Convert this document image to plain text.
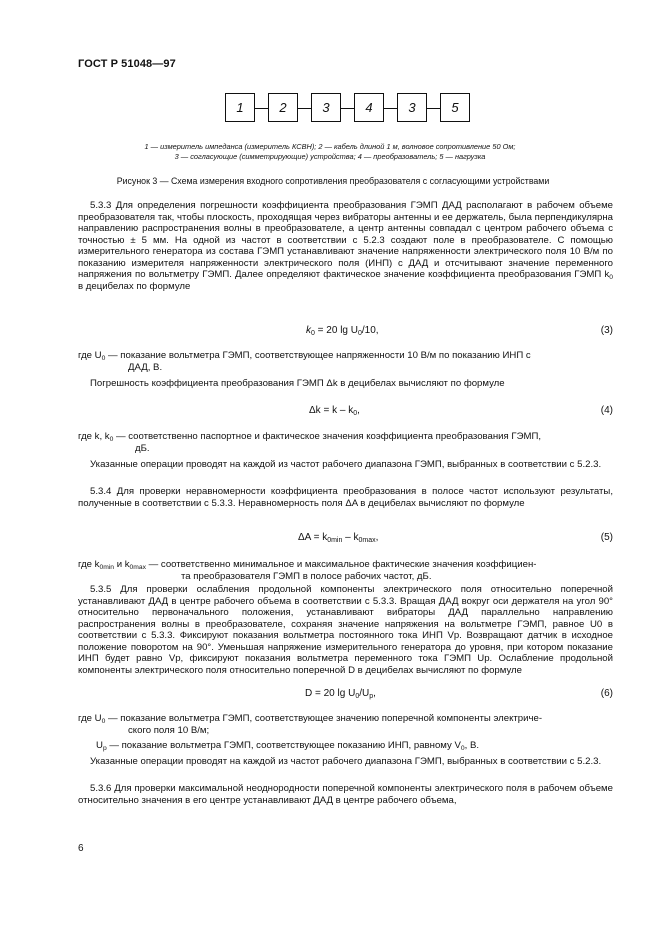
ГОСТ Р 51048—97
1	2	3	4	3	5
1 — измеритель импеданса (измеритель КСВН); 2 — кабель длиной 1 м, волновое сопротивление 50 Ом;
3 — согласующие (симметрирующие) устройства; 4 — преобразователь; 5 — нагрузка
Рисунок 3 — Схема измерения входного сопротивления преобразователя с согласующими устройствами
5.3.3 Для определения погрешности коэффициента преобразования ГЭМП ДАД располагают в рабочем объеме преобразователя так, чтобы плоскость, проходящая через вибраторы антенны и ее держатель, была перпендикулярна направлению распространения волны в преобразователе, а центр антенны совпадал с центром рабочего объема с точностью ± 5 мм. На одной из частот в соответствии с 5.2.3 создают поле в преобразователе. С помощью измерительного генератора из состава ГЭМП устанавливают значение напряженности электрического поля 10 В/м по показанию измерителя напряженности электрического поля (ИНП) с ДАД и отсчитывают значение переменного напряжения по вольтметру ГЭМП. Далее определяют фактическое значение коэффициента преобразования ГЭМП $k_0$ в децибелах по формуле
$k_0 = 20$ $\lg U_0/10$,	(3)
где $U_0$ — показание вольтметра ГЭМП, соответствующее напряженности 10 В/м по показанию ИНП с
ДАД, В.
Погрешность коэффициента преобразования ГЭМП Δk в децибелах вычисляют по формуле
$\Delta k = k - k_0$,	(4)
где k, $k_0$ — соответственно паспортное и фактическое значения коэффициента преобразования ГЭМП,
дБ.
Указанные операции проводят на каждой из частот рабочего диапазона ГЭМП, выбранных в соответствии с 5.2.3.
5.3.4 Для проверки неравномерности коэффициента преобразования в полосе частот используют результаты, полученные в соответствии с 5.3.3. Неравномерность поля ΔA в децибелах вычисляют по формуле
$\Delta A = k_{0min} - k_{0max}$,	(5)
где $k_{0min}$ и $k_{0max}$ — соответственно минимальное и максимальное фактические значения коэффициен-
та преобразователя ГЭМП в полосе рабочих частот, дБ.
5.3.5 Для проверки ослабления продольной компоненты электрического поля относительно поперечной устанавливают ДАД в центре рабочего объема в соответствии с 5.3.3. Вращая ДАД вокруг оси держателя на угол 90° относительно первоначального положения, устанавливают вибраторы ДАД параллельно направлению распространения волны в преобразователе, сохраняя значение напряжения на вольтметре ГЭМП, равное U0 в соответствии с 5.3.3. Фиксируют показания вольтметра постоянного тока ИНП Vр. Возвращают датчик в исходное положение поворотом на 90°. Уменьшая напряжение измерительного генератора до уровня, при котором показание ИНП будет равно Vр, фиксируют показания вольтметра переменного тока ГЭМП Uр. Ослабление продольной компоненты электрического поля относительно поперечной D в децибелах вычисляют по формуле
D = 20 $\lg U_0/U_р$,	(6)
где $U_0$ — показание вольтметра ГЭМП, соответствующее значению поперечной компоненты электриче-
ского поля 10 В/м;
$U_р$ — показание вольтметра ГЭМП, соответствующее показанию ИНП, равному $V_0$, В.
Указанные операции проводят на каждой из частот рабочего диапазона ГЭМП, выбранных в соответствии с 5.2.3.
5.3.6 Для проверки максимальной неоднородности поперечной компоненты электрического поля в рабочем объеме относительно значения в его центре устанавливают ДАД в центре рабочего объема,
6
